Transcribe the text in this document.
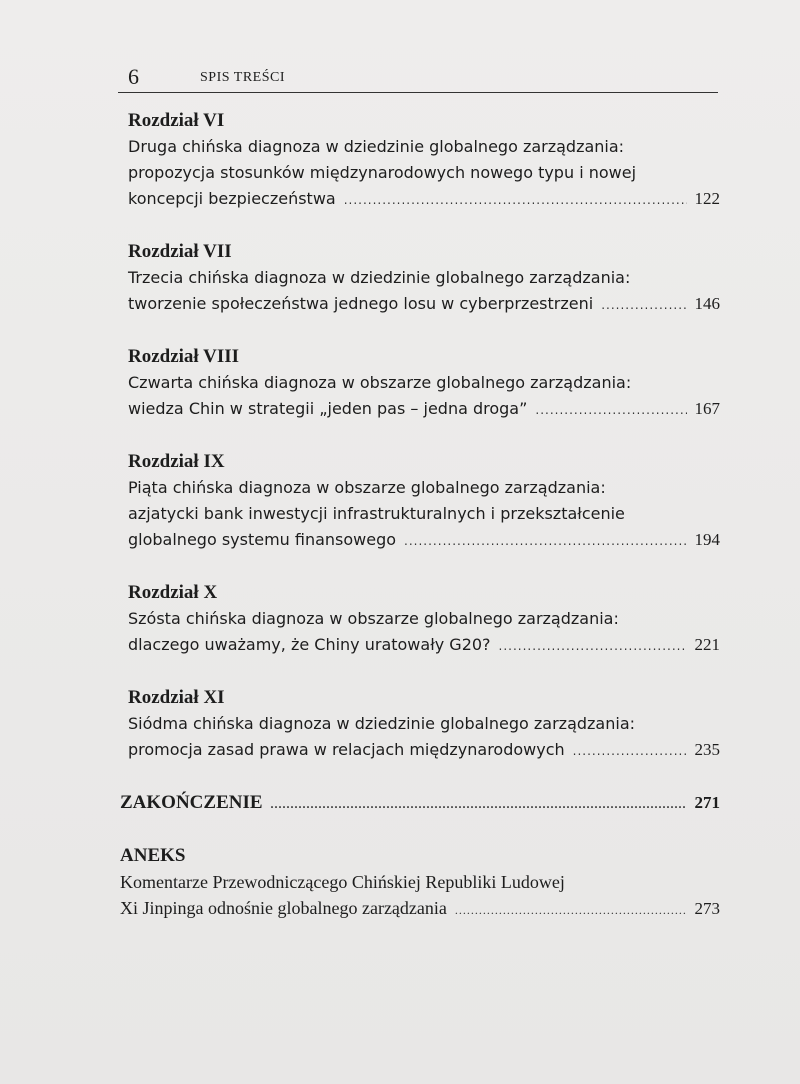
6	SPIS TREŚCI
Rozdział VI
Druga chińska diagnoza w dziedzinie globalnego zarządzania:
propozycja stosunków międzynarodowych nowego typu i nowej
koncepcji bezpieczeństwa .....	122
Rozdział VII
Trzecia chińska diagnoza w dziedzinie globalnego zarządzania:
tworzenie społeczeństwa jednego losu w cyberprzestrzeni .....	146
Rozdział VIII
Czwarta chińska diagnoza w obszarze globalnego zarządzania:
wiedza Chin w strategii „jeden pas – jedna droga” .....	167
Rozdział IX
Piąta chińska diagnoza w obszarze globalnego zarządzania:
azjatycki bank inwestycji infrastrukturalnych i przekształcenie
globalnego systemu finansowego .....	194
Rozdział X
Szósta chińska diagnoza w obszarze globalnego zarządzania:
dlaczego uważamy, że Chiny uratowały G20? .....	221
Rozdział XI
Siódma chińska diagnoza w dziedzinie globalnego zarządzania:
promocja zasad prawa w relacjach międzynarodowych .....	235
ZAKOŃCZENIE .....	271
ANEKS
Komentarze Przewodniczącego Chińskiej Republiki Ludowej
Xi Jinpinga odnośnie globalnego zarządzania .....	273
